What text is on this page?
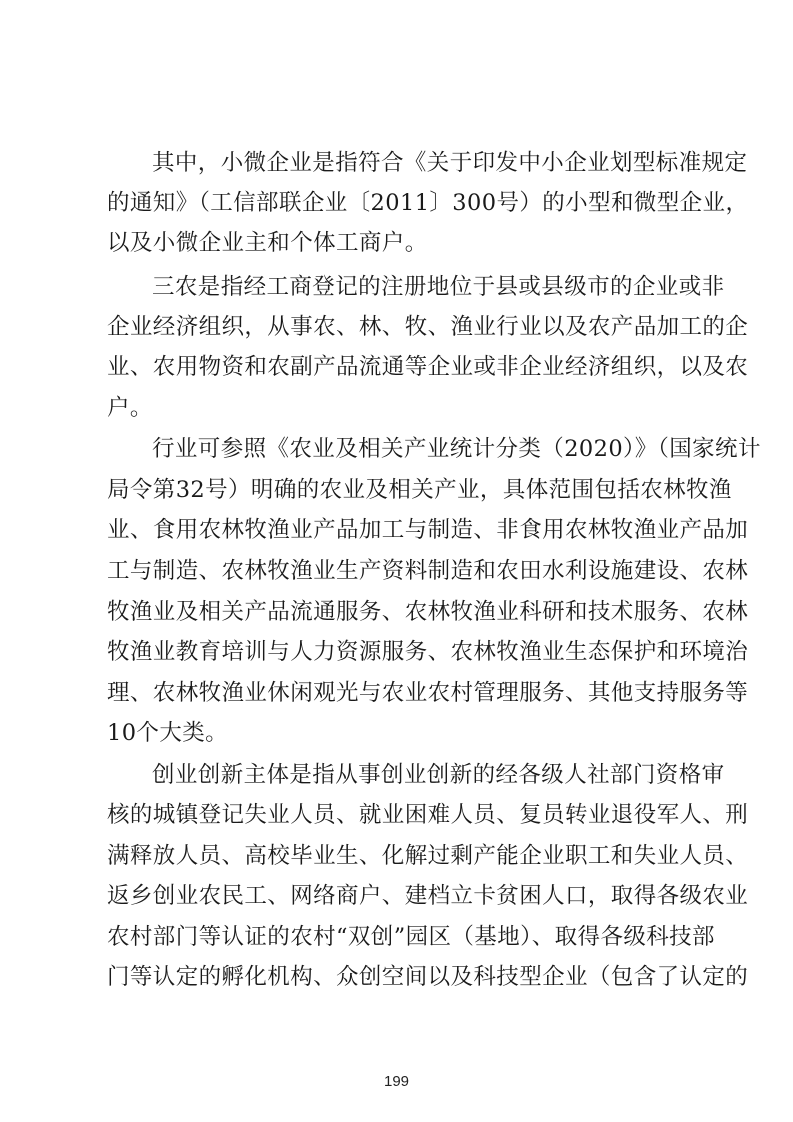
其中，小微企业是指符合《关于印发中小企业划型标准规定
的通知》（工信部联企业〔2011〕300号）的小型和微型企业，
以及小微企业主和个体工商户。
三农是指经工商登记的注册地位于县或县级市的企业或非
企业经济组织，从事农、林、牧、渔业行业以及农产品加工的企
业、农用物资和农副产品流通等企业或非企业经济组织，以及农
户。
行业可参照《农业及相关产业统计分类（2020）》（国家统计
局令第32号）明确的农业及相关产业，具体范围包括农林牧渔
业、食用农林牧渔业产品加工与制造、非食用农林牧渔业产品加
工与制造、农林牧渔业生产资料制造和农田水利设施建设、农林
牧渔业及相关产品流通服务、农林牧渔业科研和技术服务、农林
牧渔业教育培训与人力资源服务、农林牧渔业生态保护和环境治
理、农林牧渔业休闲观光与农业农村管理服务、其他支持服务等
10个大类。
创业创新主体是指从事创业创新的经各级人社部门资格审
核的城镇登记失业人员、就业困难人员、复员转业退役军人、刑
满释放人员、高校毕业生、化解过剩产能企业职工和失业人员、
返乡创业农民工、网络商户、建档立卡贫困人口，取得各级农业
农村部门等认证的农村“双创”园区（基地）、取得各级科技部
门等认定的孵化机构、众创空间以及科技型企业（包含了认定的
199
